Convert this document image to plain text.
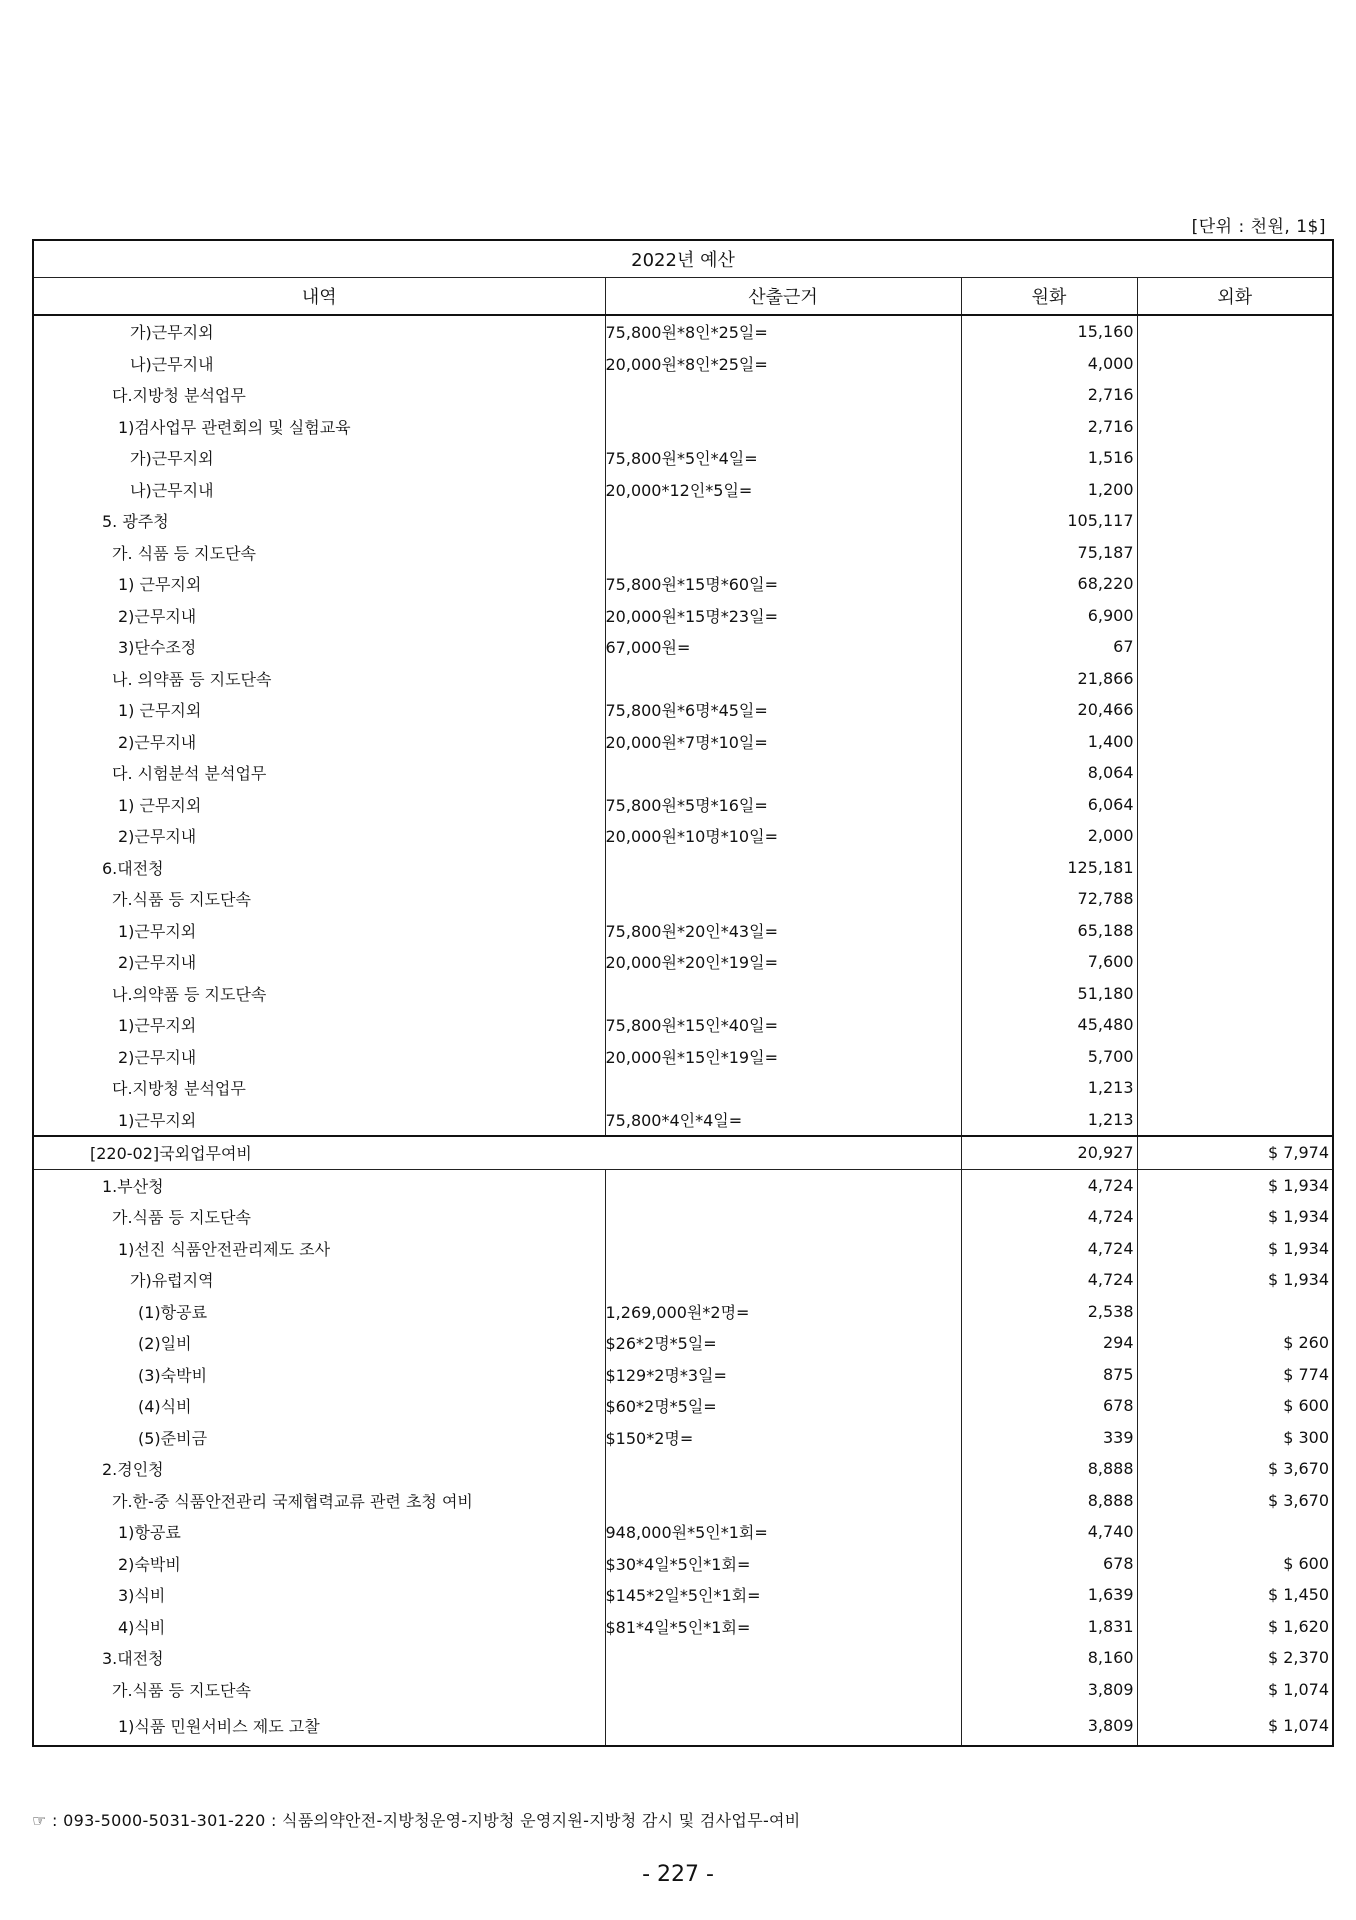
[단위 : 천원, 1$]
2022년 예산			
내역	산출근거	원화	외화
가)근무지외	75,800원*8인*25일=	15,160	
나)근무지내	20,000원*8인*25일=	4,000	
다.지방청 분석업무		2,716	
1)검사업무 관련회의 및 실험교육		2,716	
가)근무지외	75,800원*5인*4일=	1,516	
나)근무지내	20,000*12인*5일=	1,200	
5. 광주청		105,117	
가. 식품 등 지도단속		75,187	
1) 근무지외	75,800원*15명*60일=	68,220	
2)근무지내	20,000원*15명*23일=	6,900	
3)단수조정	67,000원=	67	
나. 의약품 등 지도단속		21,866	
1) 근무지외	75,800원*6명*45일=	20,466	
2)근무지내	20,000원*7명*10일=	1,400	
다. 시험분석 분석업무		8,064	
1) 근무지외	75,800원*5명*16일=	6,064	
2)근무지내	20,000원*10명*10일=	2,000	
6.대전청		125,181	
가.식품 등 지도단속		72,788	
1)근무지외	75,800원*20인*43일=	65,188	
2)근무지내	20,000원*20인*19일=	7,600	
나.의약품 등 지도단속		51,180	
1)근무지외	75,800원*15인*40일=	45,480	
2)근무지내	20,000원*15인*19일=	5,700	
다.지방청 분석업무		1,213	
1)근무지외	75,800*4인*4일=	1,213	
[220-02]국외업무여비		20,927	$ 7,974
1.부산청		4,724	$ 1,934
가.식품 등 지도단속		4,724	$ 1,934
1)선진 식품안전관리제도 조사		4,724	$ 1,934
가)유럽지역		4,724	$ 1,934
(1)항공료	1,269,000원*2명=	2,538	
(2)일비	$26*2명*5일=	294	$ 260
(3)숙박비	$129*2명*3일=	875	$ 774
(4)식비	$60*2명*5일=	678	$ 600
(5)준비금	$150*2명=	339	$ 300
2.경인청		8,888	$ 3,670
가.한-중 식품안전관리 국제협력교류 관련 초청 여비		8,888	$ 3,670
1)항공료	948,000원*5인*1회=	4,740	
2)숙박비	$30*4일*5인*1회=	678	$ 600
3)식비	$145*2일*5인*1회=	1,639	$ 1,450
4)식비	$81*4일*5인*1회=	1,831	$ 1,620
3.대전청		8,160	$ 2,370
가.식품 등 지도단속		3,809	$ 1,074
1)식품 민원서비스 제도 고찰		3,809	$ 1,074
☞ : 093-5000-5031-301-220 : 식품의약안전-지방청운영-지방청 운영지원-지방청 감시 및 검사업무-여비
- 227 -
